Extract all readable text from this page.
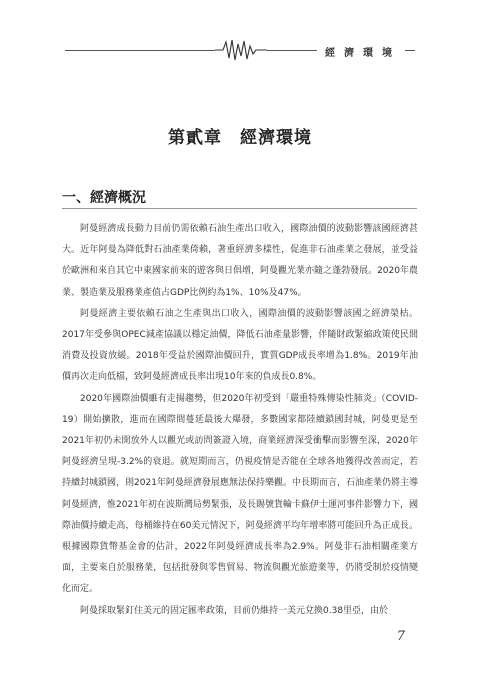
經濟環境
第貳章　經濟環境
一、經濟概況

阿曼經濟成長動力目前仍需依賴石油生產出口收入，國際油價的波動影響該國經濟甚大。近年阿曼為降低對石油產業倚賴，著重經濟多樣性，促進非石油產業之發展，並受益於歐洲和來自其它中東國家前來的遊客與日俱增，阿曼觀光業亦隨之蓬勃發展。2020年農業、製造業及服務業產值占GDP比例約為1%、10%及47%。

阿曼經濟主要依賴石油之生產與出口收入，國際油價的波動影響該國之經濟榮枯。2017年受參與OPEC減產協議以穩定油價，降低石油產量影響，伴隨財政緊縮政策使民間消費及投資放緩。2018年受益於國際油價回升，實質GDP成長率增為1.8%。2019年油價再次走向低檔，致阿曼經濟成長率出現10年來的負成長0.8%。

2020年國際油價雖有走揚趨勢，但2020年初受到「嚴重特殊傳染性肺炎」（COVID-19）開始擴散，進而在國際間蔓延最後大爆發，多數國家都陸續鎖國封城，阿曼更是至2021年初仍未開放外人以觀光或訪問簽證入境，商業經濟深受衝擊而影響至深，2020年阿曼經濟呈現-3.2%的衰退。就短期而言，仍視疫情是否能在全球各地獲得改善而定，若持續封城鎖國，則2021年阿曼經濟發展應無法保持樂觀。中長期而言，石油產業仍將主導阿曼經濟，惟2021年初在波斯灣局勢緊張，及長賜號貨輪卡蘇伊士運河事件影響力下，國際油價持續走高，每桶維持在60美元情況下，阿曼經濟平均年增率將可能回升為正成長。根據國際貨幣基金會的估計，2022年阿曼經濟成長率為2.9%。阿曼非石油相關產業方面，主要來自於服務業，包括批發與零售貿易、物流與觀光旅遊業等，仍將受制於疫情變化而定。

阿曼採取緊釘住美元的固定匯率政策，目前仍維持一美元兌換0.38里亞，由於

7
